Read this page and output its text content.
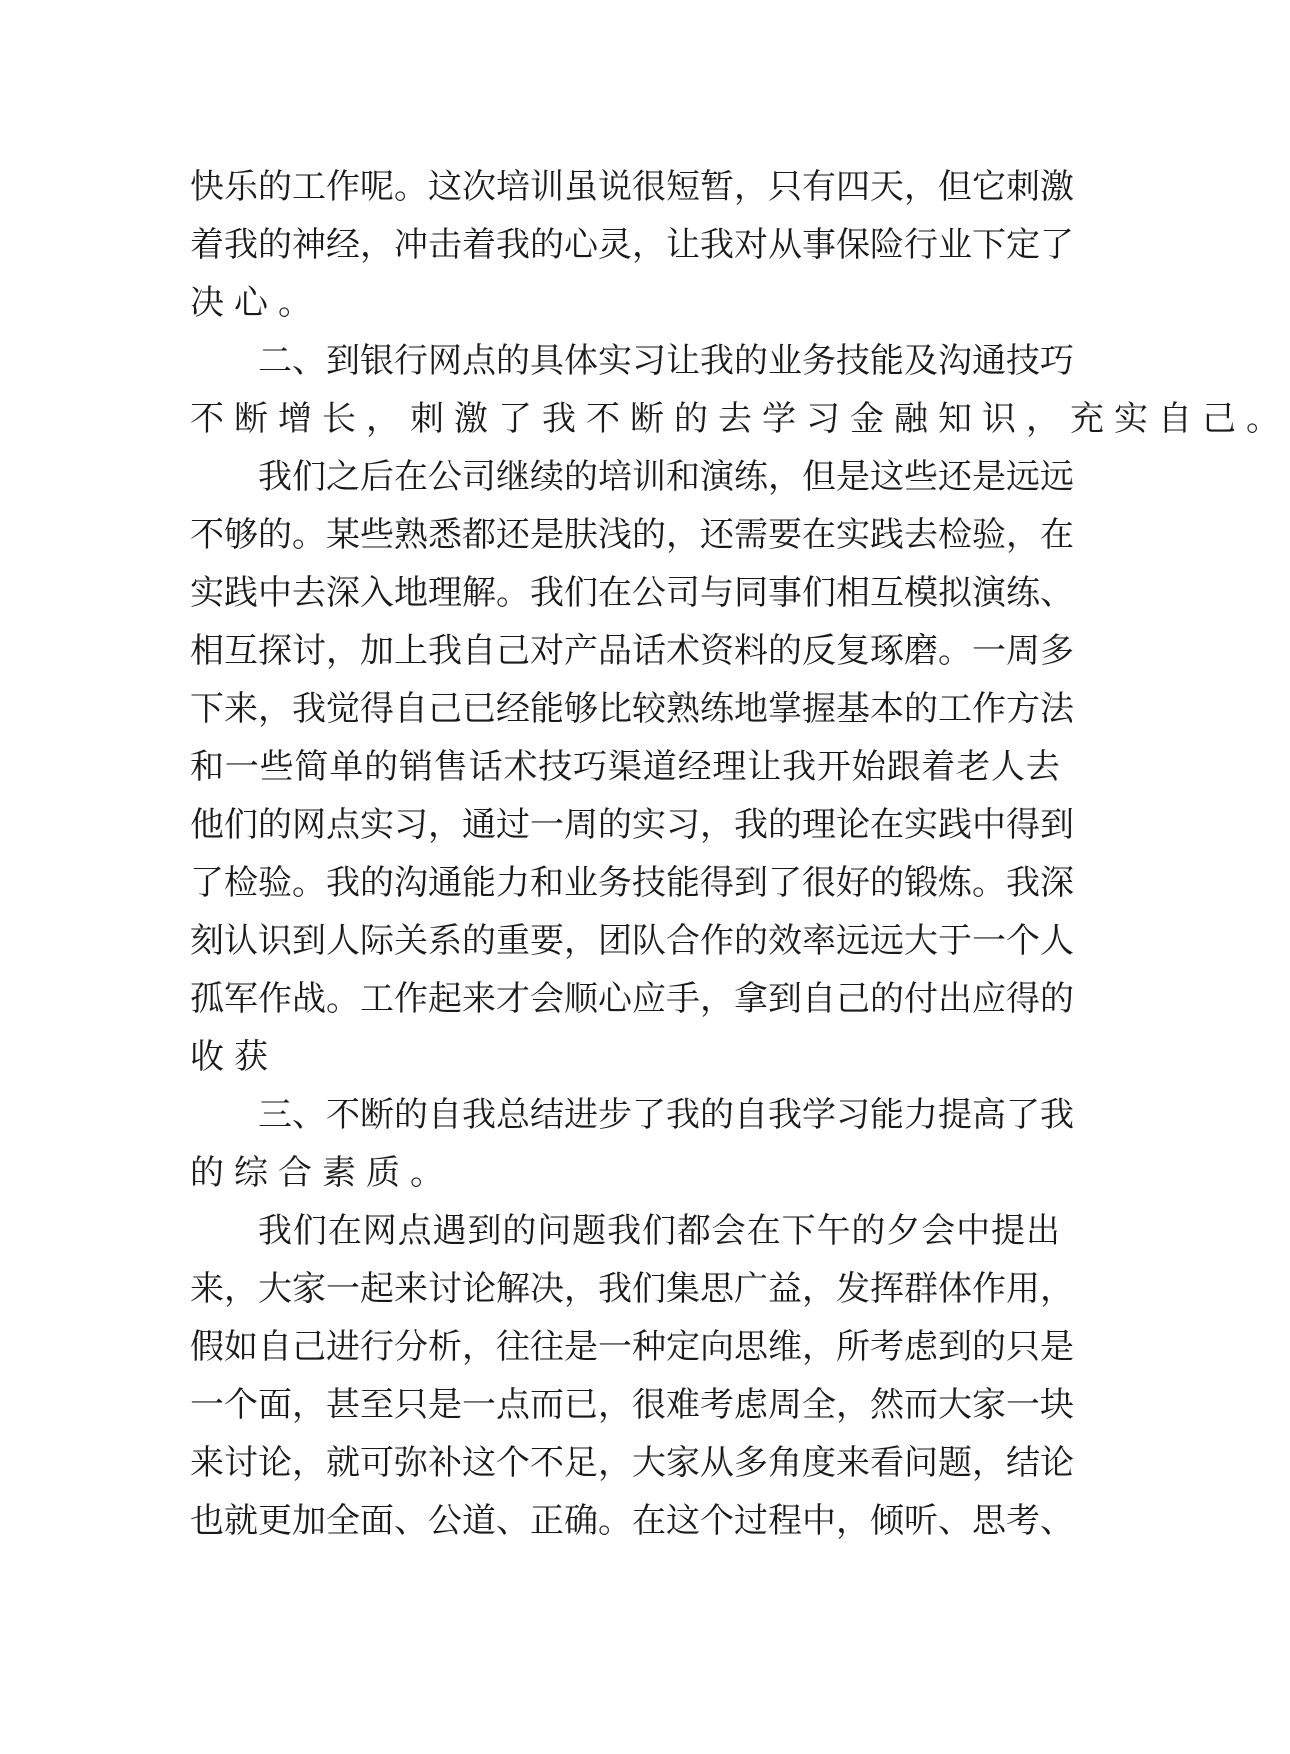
快 乐 的 工 作 呢 。 这 次 培 训 虽 说 很 短 暂 ， 只 有 四 天 ， 但 它 刺 激
着 我 的 神 经 ， 冲 击 着 我 的 心 灵 ， 让 我 对 从 事 保 险 行 业 下 定 了
决 心 。
二 、 到 银 行 网 点 的 具 体 实 习 让 我 的 业 务 技 能 及 沟 通 技 巧
不 断 增 长 ， 刺 激 了 我 不 断 的 去 学 习 金 融 知 识 ， 充 实 自 己 。
我 们 之 后 在 公 司 继 续 的 培 训 和 演 练 ， 但 是 这 些 还 是 远 远
不 够 的 。 某 些 熟 悉 都 还 是 肤 浅 的 ， 还 需 要 在 实 践 去 检 验 ， 在
实 践 中 去 深 入 地 理 解 。 我 们 在 公 司 与 同 事 们 相 互 模 拟 演 练 、
相 互 探 讨 ， 加 上 我 自 己 对 产 品 话 术 资 料 的 反 复 琢 磨 。 一 周 多
下 来 ， 我 觉 得 自 己 已 经 能 够 比 较 熟 练 地 掌 握 基 本 的 工 作 方 法
和 一 些 简 单 的 销 售 话 术 技 巧 渠 道 经 理 让 我 开 始 跟 着 老 人 去
他 们 的 网 点 实 习 ， 通 过 一 周 的 实 习 ， 我 的 理 论 在 实 践 中 得 到
了 检 验 。 我 的 沟 通 能 力 和 业 务 技 能 得 到 了 很 好 的 锻 炼 。 我 深
刻 认 识 到 人 际 关 系 的 重 要 ， 团 队 合 作 的 效 率 远 远 大 于 一 个 人
孤 军 作 战 。 工 作 起 来 才 会 顺 心 应 手 ， 拿 到 自 己 的 付 出 应 得 的
收 获
三 、 不 断 的 自 我 总 结 进 步 了 我 的 自 我 学 习 能 力 提 高 了 我
的 综 合 素 质 。
我 们 在 网 点 遇 到 的 问 题 我 们 都 会 在 下 午 的 夕 会 中 提 出
来 ， 大 家 一 起 来 讨 论 解 决 ， 我 们 集 思 广 益 ， 发 挥 群 体 作 用 ，
假 如 自 己 进 行 分 析 ， 往 往 是 一 种 定 向 思 维 ， 所 考 虑 到 的 只 是
一 个 面 ， 甚 至 只 是 一 点 而 已 ， 很 难 考 虑 周 全 ， 然 而 大 家 一 块
来 讨 论 ， 就 可 弥 补 这 个 不 足 ， 大 家 从 多 角 度 来 看 问 题 ， 结 论
也 就 更 加 全 面 、 公 道 、 正 确 。 在 这 个 过 程 中 ， 倾 听 、 思 考 、
